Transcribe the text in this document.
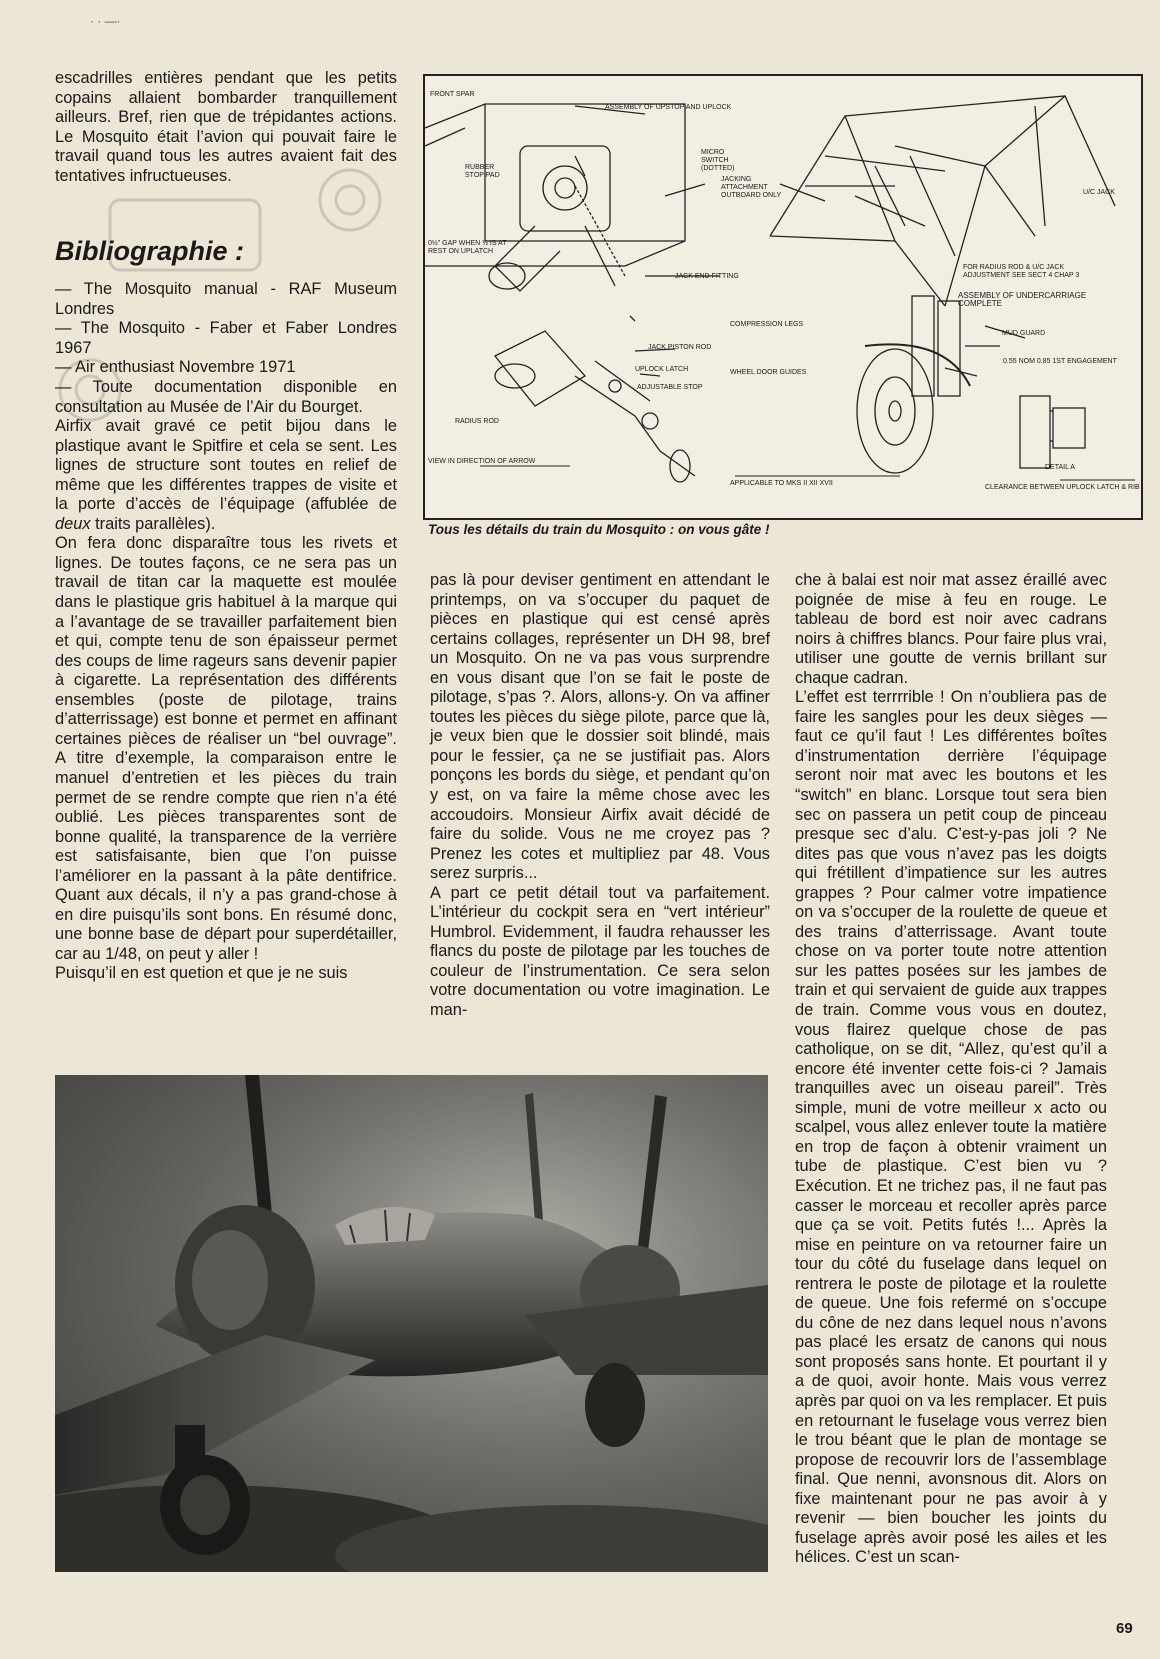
· · —·

escadrilles entières pendant que les petits copains allaient bombarder tranquillement ailleurs. Bref, rien que de trépidantes actions. Le Mosquito était l’avion qui pouvait faire le travail quand tous les autres avaient fait des tentatives infructueuses.

Bibliographie :

— The Mosquito manual - RAF Museum Londres

— The Mosquito - Faber et Faber Londres 1967

— Air enthusiast Novembre 1971

— Toute documentation disponible en consultation au Musée de l’Air du Bourget.

Airfix avait gravé ce petit bijou dans le plastique avant le Spitfire et cela se sent. Les lignes de structure sont toutes en relief de même que les différentes trappes de visite et la porte d’accès de l’équipage (affublée de deux traits parallèles).

On fera donc disparaître tous les rivets et lignes. De toutes façons, ce ne sera pas un travail de titan car la maquette est moulée dans le plastique gris habituel à la marque qui a l’avantage de se travailler parfaitement bien et qui, compte tenu de son épaisseur permet des coups de lime rageurs sans devenir papier à cigarette. La représentation des différents ensembles (poste de pilotage, trains d’atterrissage) est bonne et permet en affinant certaines pièces de réaliser un “bel ouvrage”. A titre d’exemple, la comparaison entre le manuel d’entretien et les pièces du train permet de se rendre compte que rien n’a été oublié. Les pièces transparentes sont de bonne qualité, la transparence de la verrière est satisfaisante, bien que l’on puisse l’améliorer en la passant à la pâte dentifrice. Quant aux décals, il n’y a pas grand-chose à en dire puisqu’ils sont bons. En résumé donc, une bonne base de départ pour superdétailler, car au 1/48, on peut y aller !

Puisqu’il en est quetion et que je ne suis

FRONT SPAR
ASSEMBLY OF UPSTOP AND UPLOCK
MICRO SWITCH (DOTTED)
RUBBER STOP PAD
JACKING ATTACHMENT OUTBOARD ONLY	U/C JACK
0½" GAP WHEN ½ IS AT REST ON UPLATCH
JACK END FITTING
FOR RADIUS ROD & U/C JACK ADJUSTMENT SEE SECT 4 CHAP 3
ASSEMBLY OF UNDERCARRIAGE COMPLETE
COMPRESSION LEGS
JACK PISTON ROD
MUD GUARD
UPLOCK LATCH	WHEEL DOOR GUIDES
0.55 NOM 0.85 1ST ENGAGEMENT
ADJUSTABLE STOP
RADIUS ROD
VIEW IN DIRECTION OF ARROW
APPLICABLE TO MKS II XII XVII
DETAIL A
CLEARANCE BETWEEN UPLOCK LATCH & RIB
Tous les détails du train du Mosquito : on vous gâte !

pas là pour deviser gentiment en attendant le printemps, on va s’occuper du paquet de pièces en plastique qui est censé après certains collages, représenter un DH 98, bref un Mosquito. On ne va pas vous surprendre en vous disant que l’on se fait le poste de pilotage, s’pas ?. Alors, allons-y. On va affiner toutes les pièces du siège pilote, parce que là, je veux bien que le dossier soit blindé, mais pour le fessier, ça ne se justifiait pas. Alors ponçons les bords du siège, et pendant qu’on y est, on va faire la même chose avec les accoudoirs. Monsieur Airfix avait décidé de faire du solide. Vous ne me croyez pas ? Prenez les cotes et multipliez par 48. Vous serez surpris...

A part ce petit détail tout va parfaitement. L’intérieur du cockpit sera en “vert intérieur” Humbrol. Evidemment, il faudra rehausser les flancs du poste de pilotage par les touches de couleur de l’instrumentation. Ce sera selon votre documentation ou votre imagination. Le man-

che à balai est noir mat assez éraillé avec poignée de mise à feu en rouge. Le tableau de bord est noir avec cadrans noirs à chiffres blancs. Pour faire plus vrai, utiliser une goutte de vernis brillant sur chaque cadran.

L’effet est terrrrible ! On n’oubliera pas de faire les sangles pour les deux sièges — faut ce qu’il faut ! Les différentes boîtes d’instrumentation derrière l’équipage seront noir mat avec les boutons et les “switch” en blanc. Lorsque tout sera bien sec on passera un petit coup de pinceau presque sec d’alu. C’est-y-pas joli ? Ne dites pas que vous n’avez pas les doigts qui frétillent d’impatience sur les autres grappes ? Pour calmer votre impatience on va s’occuper de la roulette de queue et des trains d’atterrissage. Avant toute chose on va porter toute notre attention sur les pattes posées sur les jambes de train et qui servaient de guide aux trappes de train. Comme vous vous en doutez, vous flairez quelque chose de pas catholique, on se dit, “Allez, qu’est qu’il a encore été inventer cette fois-ci ? Jamais tranquilles avec un oiseau pareil”. Très simple, muni de votre meilleur x acto ou scalpel, vous allez enlever toute la matière en trop de façon à obtenir vraiment un tube de plastique. C’est bien vu ? Exécution. Et ne trichez pas, il ne faut pas casser le morceau et recoller après parce que ça se voit. Petits futés !... Après la mise en peinture on va retourner faire un tour du côté du fuselage dans lequel on rentrera le poste de pilotage et la roulette de queue. Une fois refermé on s’occupe du cône de nez dans lequel nous n’avons pas placé les ersatz de canons qui nous sont proposés sans honte. Et pourtant il y a de quoi, avoir honte. Mais vous verrez après par quoi on va les remplacer. Et puis en retournant le fuselage vous verrez bien le trou béant que le plan de montage se propose de recouvrir lors de l’assemblage final. Que nenni, avonsnous dit. Alors on fixe maintenant pour ne pas avoir à y revenir — bien boucher les joints du fuselage après avoir posé les ailes et les hélices. C’est un scan-

69
